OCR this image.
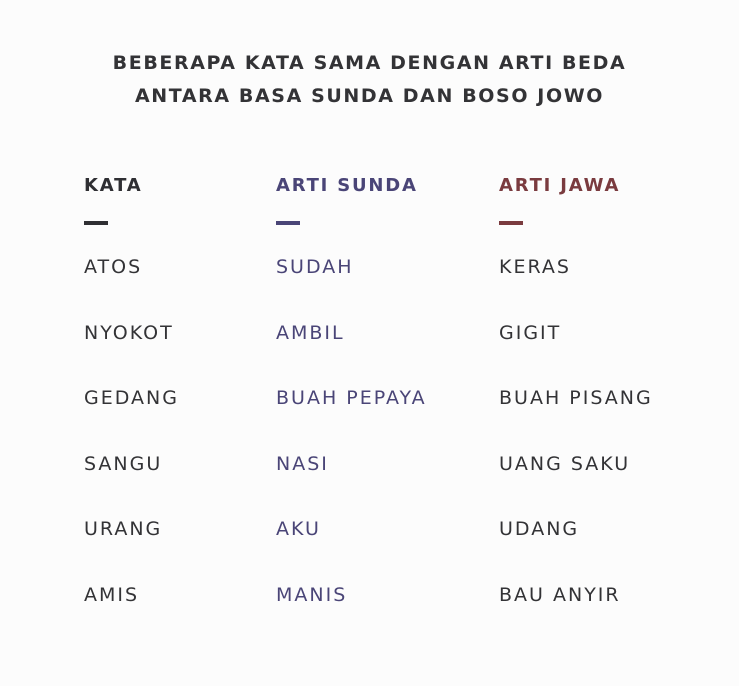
BEBERAPA KATA SAMA DENGAN ARTI BEDA
ANTARA BASA SUNDA DAN BOSO JOWO
KATA
ATOS
NYOKOT
GEDANG
SANGU
URANG
AMIS
ARTI SUNDA
SUDAH
AMBIL
BUAH PEPAYA
NASI
AKU
MANIS
ARTI JAWA
KERAS
GIGIT
BUAH PISANG
UANG SAKU
UDANG
BAU ANYIR
